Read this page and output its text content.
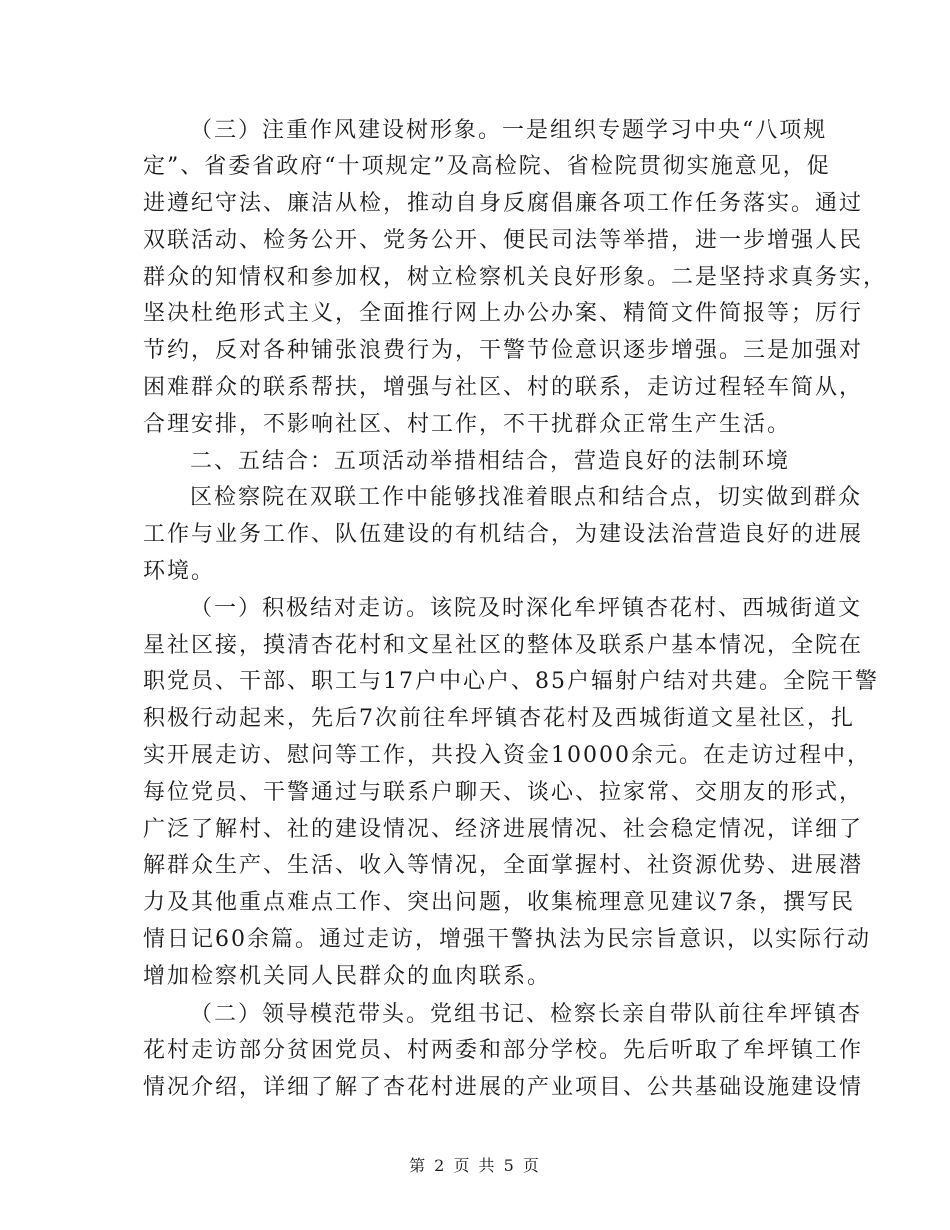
（三）注重作风建设树形象。一是组织专题学习中央“八项规
定”、省委省政府“十项规定”及高检院、省检院贯彻实施意见，促
进遵纪守法、廉洁从检，推动自身反腐倡廉各项工作任务落实。通过
双联活动、检务公开、党务公开、便民司法等举措，进一步增强人民
群众的知情权和参加权，树立检察机关良好形象。二是坚持求真务实，
坚决杜绝形式主义，全面推行网上办公办案、精简文件简报等；厉行
节约，反对各种铺张浪费行为，干警节俭意识逐步增强。三是加强对
困难群众的联系帮扶，增强与社区、村的联系，走访过程轻车简从，
合理安排，不影响社区、村工作，不干扰群众正常生产生活。
二、五结合：五项活动举措相结合，营造良好的法制环境
区检察院在双联工作中能够找准着眼点和结合点，切实做到群众
工作与业务工作、队伍建设的有机结合，为建设法治营造良好的进展
环境。
（一）积极结对走访。该院及时深化牟坪镇杏花村、西城街道文
星社区接，摸清杏花村和文星社区的整体及联系户基本情况，全院在
职党员、干部、职工与17户中心户、85户辐射户结对共建。全院干警
积极行动起来，先后7次前往牟坪镇杏花村及西城街道文星社区，扎
实开展走访、慰问等工作，共投入资金10000余元。在走访过程中，
每位党员、干警通过与联系户聊天、谈心、拉家常、交朋友的形式，
广泛了解村、社的建设情况、经济进展情况、社会稳定情况，详细了
解群众生产、生活、收入等情况，全面掌握村、社资源优势、进展潜
力及其他重点难点工作、突出问题，收集梳理意见建议7条，撰写民
情日记60余篇。通过走访，增强干警执法为民宗旨意识，以实际行动
增加检察机关同人民群众的血肉联系。
（二）领导模范带头。党组书记、检察长亲自带队前往牟坪镇杏
花村走访部分贫困党员、村两委和部分学校。先后听取了牟坪镇工作
情况介绍，详细了解了杏花村进展的产业项目、公共基础设施建设情
第 2 页 共 5 页
